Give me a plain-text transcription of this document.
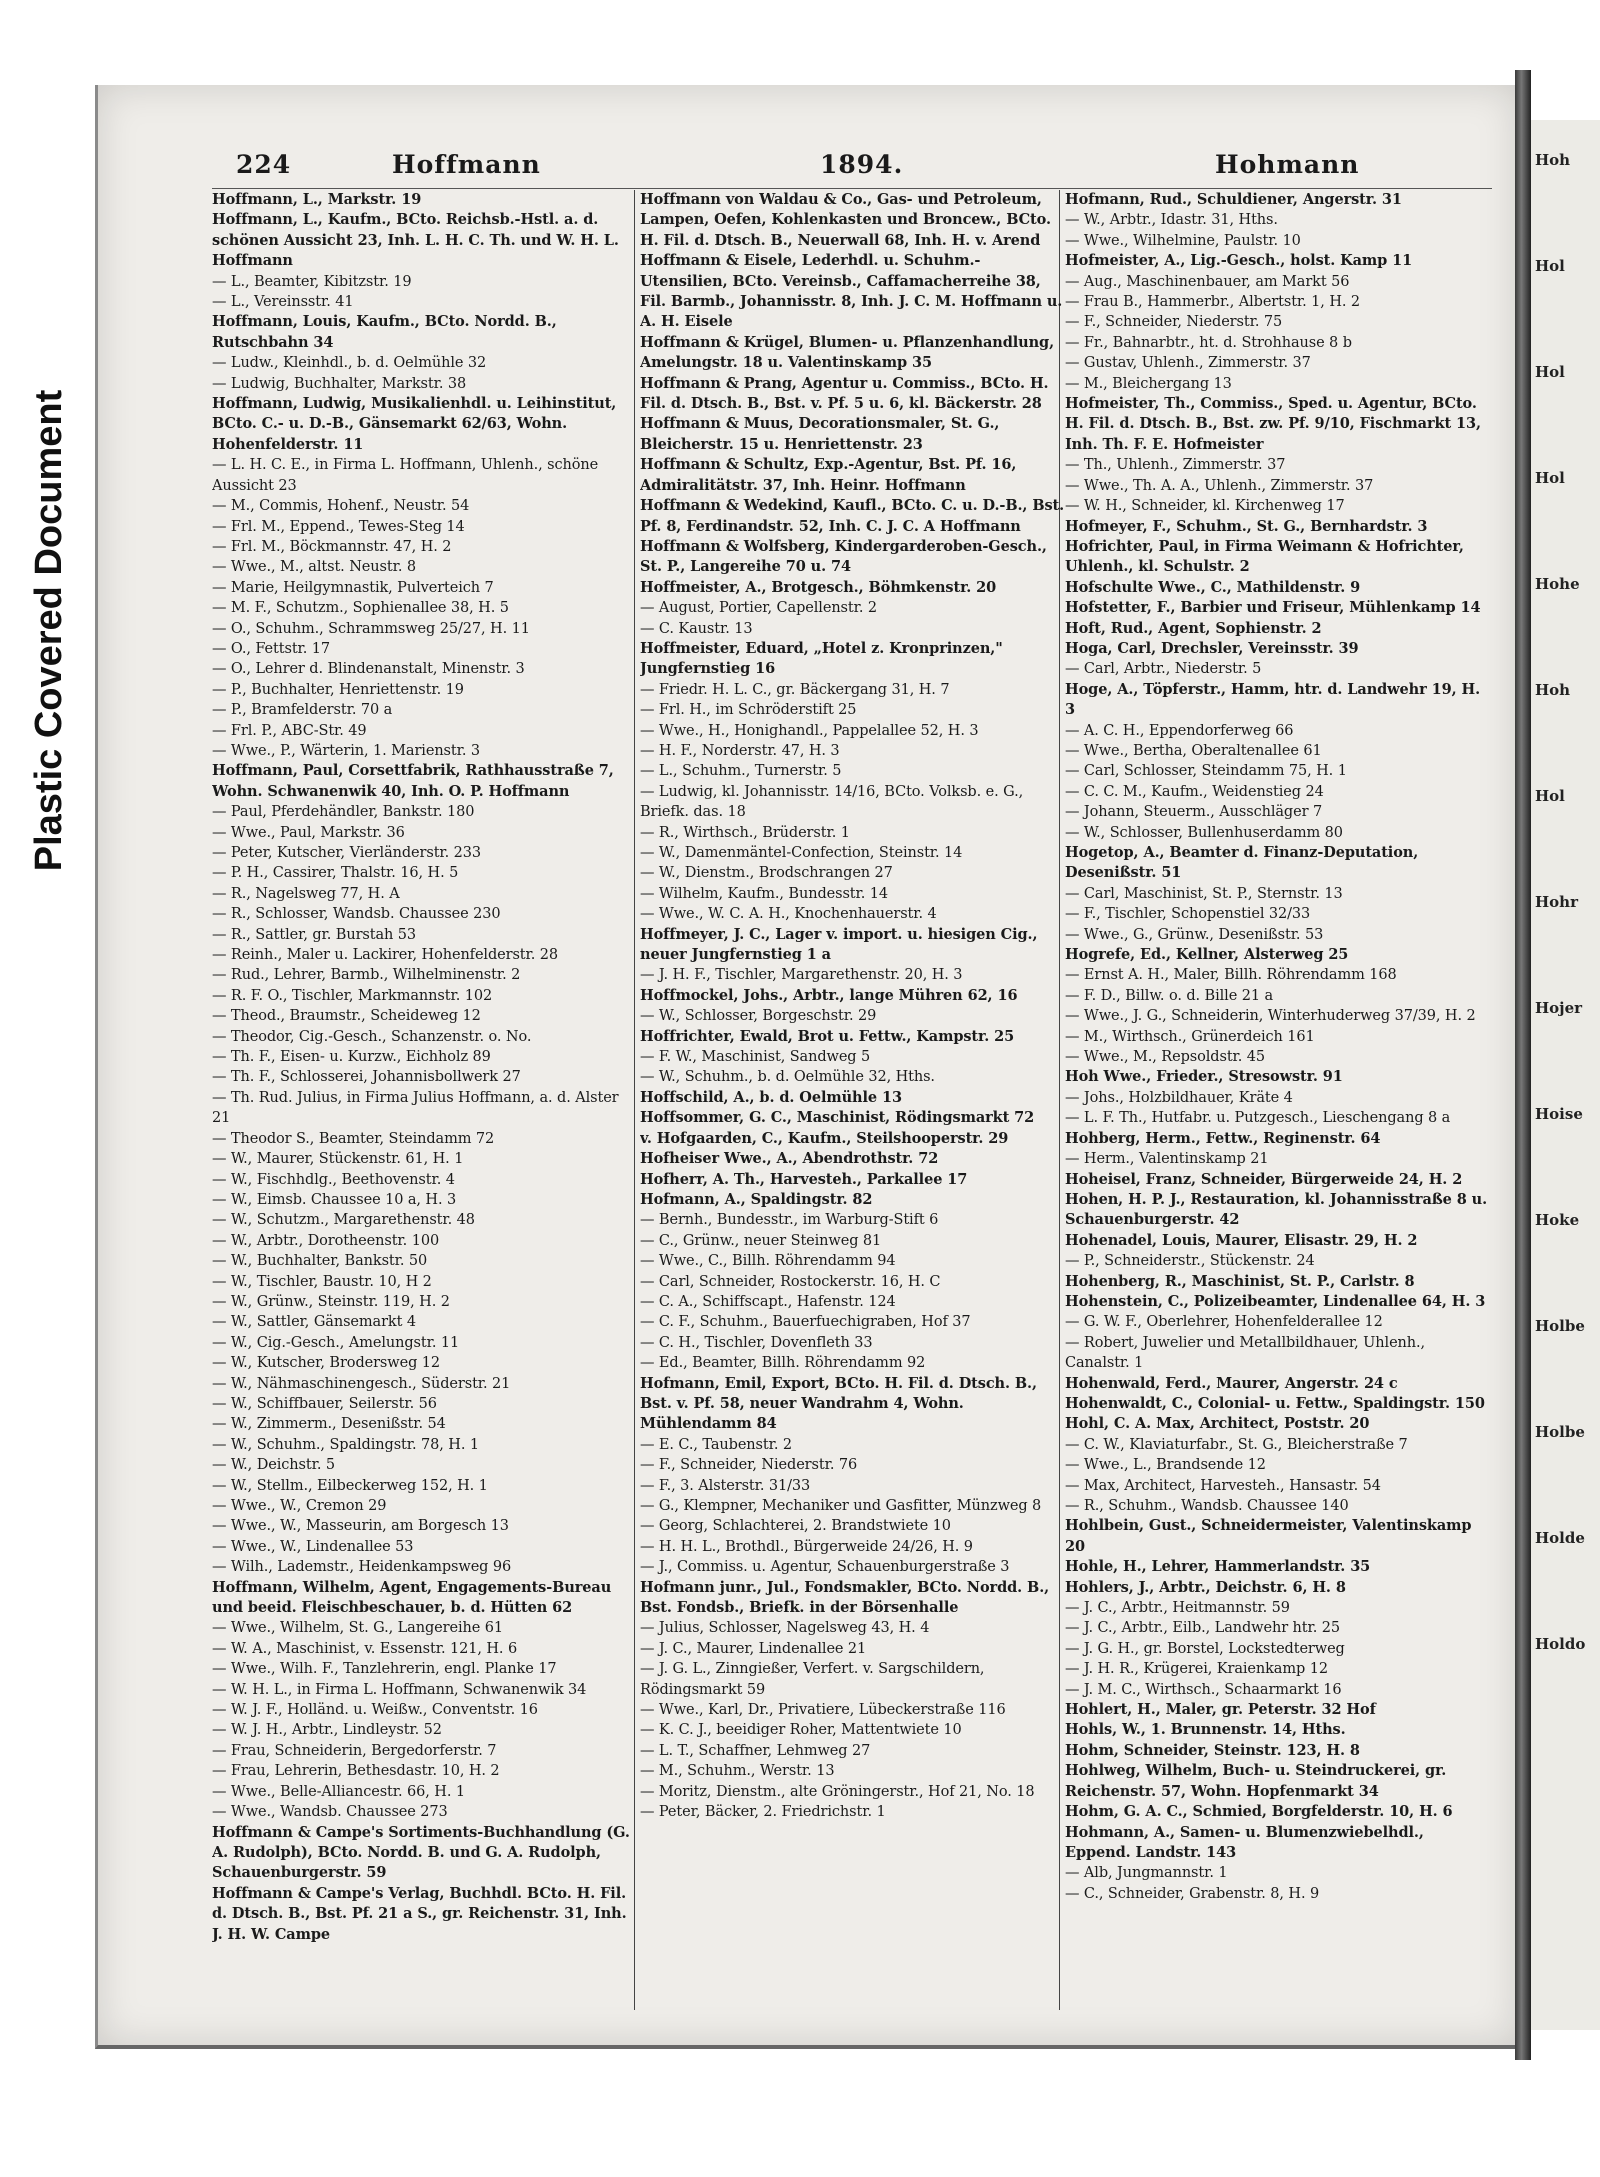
Plastic Covered Document
Hoh
Hol
Hol
Hol
Hohe
Hoh
Hol
Hohr
Hojer
Hoise
Hoke
Holbe
Holbe
Holde
Holdo
224	Hoffmann	1894.	Hohmann
Hoffmann, L., Markstr. 19
Hoffmann, L., Kaufm., BCto. Reichsb.-Hstl. a. d. schönen Aussicht 23, Inh. L. H. C. Th. und W. H. L. Hoffmann
— L., Beamter, Kibitzstr. 19
— L., Vereinsstr. 41
Hoffmann, Louis, Kaufm., BCto. Nordd. B., Rutschbahn 34
— Ludw., Kleinhdl., b. d. Oelmühle 32
— Ludwig, Buchhalter, Markstr. 38
Hoffmann, Ludwig, Musikalienhdl. u. Leihinstitut, BCto. C.- u. D.-B., Gänsemarkt 62/63, Wohn. Hohenfelderstr. 11
— L. H. C. E., in Firma L. Hoffmann, Uhlenh., schöne Aussicht 23
— M., Commis, Hohenf., Neustr. 54
— Frl. M., Eppend., Tewes-Steg 14
— Frl. M., Böckmannstr. 47, H. 2
— Wwe., M., altst. Neustr. 8
— Marie, Heilgymnastik, Pulverteich 7
— M. F., Schutzm., Sophienallee 38, H. 5
— O., Schuhm., Schrammsweg 25/27, H. 11
— O., Fettstr. 17
— O., Lehrer d. Blindenanstalt, Minenstr. 3
— P., Buchhalter, Henriettenstr. 19
— P., Bramfelderstr. 70 a
— Frl. P., ABC-Str. 49
— Wwe., P., Wärterin, 1. Marienstr. 3
Hoffmann, Paul, Corsettfabrik, Rathhausstraße 7, Wohn. Schwanenwik 40, Inh. O. P. Hoffmann
— Paul, Pferdehändler, Bankstr. 180
— Wwe., Paul, Markstr. 36
— Peter, Kutscher, Vierländerstr. 233
— P. H., Cassirer, Thalstr. 16, H. 5
— R., Nagelsweg 77, H. A
— R., Schlosser, Wandsb. Chaussee 230
— R., Sattler, gr. Burstah 53
— Reinh., Maler u. Lackirer, Hohenfelderstr. 28
— Rud., Lehrer, Barmb., Wilhelminenstr. 2
— R. F. O., Tischler, Markmannstr. 102
— Theod., Braumstr., Scheideweg 12
— Theodor, Cig.-Gesch., Schanzenstr. o. No.
— Th. F., Eisen- u. Kurzw., Eichholz 89
— Th. F., Schlosserei, Johannisbollwerk 27
— Th. Rud. Julius, in Firma Julius Hoffmann, a. d. Alster 21
— Theodor S., Beamter, Steindamm 72
— W., Maurer, Stückenstr. 61, H. 1
— W., Fischhdlg., Beethovenstr. 4
— W., Eimsb. Chaussee 10 a, H. 3
— W., Schutzm., Margarethenstr. 48
— W., Arbtr., Dorotheenstr. 100
— W., Buchhalter, Bankstr. 50
— W., Tischler, Baustr. 10, H 2
— W., Grünw., Steinstr. 119, H. 2
— W., Sattler, Gänsemarkt 4
— W., Cig.-Gesch., Amelungstr. 11
— W., Kutscher, Brodersweg 12
— W., Nähmaschinengesch., Süderstr. 21
— W., Schiffbauer, Seilerstr. 56
— W., Zimmerm., Desenißstr. 54
— W., Schuhm., Spaldingstr. 78, H. 1
— W., Deichstr. 5
— W., Stellm., Eilbeckerweg 152, H. 1
— Wwe., W., Cremon 29
— Wwe., W., Masseurin, am Borgesch 13
— Wwe., W., Lindenallee 53
— Wilh., Lademstr., Heidenkampsweg 96
Hoffmann, Wilhelm, Agent, Engagements-Bureau und beeid. Fleischbeschauer, b. d. Hütten 62
— Wwe., Wilhelm, St. G., Langereihe 61
— W. A., Maschinist, v. Essenstr. 121, H. 6
— Wwe., Wilh. F., Tanzlehrerin, engl. Planke 17
— W. H. L., in Firma L. Hoffmann, Schwanenwik 34
— W. J. F., Holländ. u. Weißw., Conventstr. 16
— W. J. H., Arbtr., Lindleystr. 52
— Frau, Schneiderin, Bergedorferstr. 7
— Frau, Lehrerin, Bethesdastr. 10, H. 2
— Wwe., Belle-Alliancestr. 66, H. 1
— Wwe., Wandsb. Chaussee 273
Hoffmann & Campe's Sortiments-Buchhandlung (G. A. Rudolph), BCto. Nordd. B. und G. A. Rudolph, Schauenburgerstr. 59
Hoffmann & Campe's Verlag, Buchhdl. BCto. H. Fil. d. Dtsch. B., Bst. Pf. 21 a S., gr. Reichenstr. 31, Inh. J. H. W. Campe
Hoffmann von Waldau & Co., Gas- und Petroleum, Lampen, Oefen, Kohlenkasten und Broncew., BCto. H. Fil. d. Dtsch. B., Neuerwall 68, Inh. H. v. Arend
Hoffmann & Eisele, Lederhdl. u. Schuhm.-Utensilien, BCto. Vereinsb., Caffamacherreihe 38, Fil. Barmb., Johannisstr. 8, Inh. J. C. M. Hoffmann u. A. H. Eisele
Hoffmann & Krügel, Blumen- u. Pflanzenhandlung, Amelungstr. 18 u. Valentinskamp 35
Hoffmann & Prang, Agentur u. Commiss., BCto. H. Fil. d. Dtsch. B., Bst. v. Pf. 5 u. 6, kl. Bäckerstr. 28
Hoffmann & Muus, Decorationsmaler, St. G., Bleicherstr. 15 u. Henriettenstr. 23
Hoffmann & Schultz, Exp.-Agentur, Bst. Pf. 16, Admiralitätstr. 37, Inh. Heinr. Hoffmann
Hoffmann & Wedekind, Kaufl., BCto. C. u. D.-B., Bst. Pf. 8, Ferdinandstr. 52, Inh. C. J. C. A Hoffmann
Hoffmann & Wolfsberg, Kindergarderoben-Gesch., St. P., Langereihe 70 u. 74
Hoffmeister, A., Brotgesch., Böhmkenstr. 20
— August, Portier, Capellenstr. 2
— C. Kaustr. 13
Hoffmeister, Eduard, „Hotel z. Kronprinzen," Jungfernstieg 16
— Friedr. H. L. C., gr. Bäckergang 31, H. 7
— Frl. H., im Schröderstift 25
— Wwe., H., Honighandl., Pappelallee 52, H. 3
— H. F., Norderstr. 47, H. 3
— L., Schuhm., Turnerstr. 5
— Ludwig, kl. Johannisstr. 14/16, BCto. Volksb. e. G., Briefk. das. 18
— R., Wirthsch., Brüderstr. 1
— W., Damenmäntel-Confection, Steinstr. 14
— W., Dienstm., Brodschrangen 27
— Wilhelm, Kaufm., Bundesstr. 14
— Wwe., W. C. A. H., Knochenhauerstr. 4
Hoffmeyer, J. C., Lager v. import. u. hiesigen Cig., neuer Jungfernstieg 1 a
— J. H. F., Tischler, Margarethenstr. 20, H. 3
Hoffmockel, Johs., Arbtr., lange Mühren 62, 16
— W., Schlosser, Borgeschstr. 29
Hoffrichter, Ewald, Brot u. Fettw., Kampstr. 25
— F. W., Maschinist, Sandweg 5
— W., Schuhm., b. d. Oelmühle 32, Hths.
Hoffschild, A., b. d. Oelmühle 13
Hoffsommer, G. C., Maschinist, Rödingsmarkt 72
v. Hofgaarden, C., Kaufm., Steilshooperstr. 29
Hofheiser Wwe., A., Abendrothstr. 72
Hofherr, A. Th., Harvesteh., Parkallee 17
Hofmann, A., Spaldingstr. 82
— Bernh., Bundesstr., im Warburg-Stift 6
— C., Grünw., neuer Steinweg 81
— Wwe., C., Billh. Röhrendamm 94
— Carl, Schneider, Rostockerstr. 16, H. C
— C. A., Schiffscapt., Hafenstr. 124
— C. F., Schuhm., Bauerfuechigraben, Hof 37
— C. H., Tischler, Dovenfleth 33
— Ed., Beamter, Billh. Röhrendamm 92
Hofmann, Emil, Export, BCto. H. Fil. d. Dtsch. B., Bst. v. Pf. 58, neuer Wandrahm 4, Wohn. Mühlendamm 84
— E. C., Taubenstr. 2
— F., Schneider, Niederstr. 76
— F., 3. Alsterstr. 31/33
— G., Klempner, Mechaniker und Gasfitter, Münzweg 8
— Georg, Schlachterei, 2. Brandstwiete 10
— H. H. L., Brothdl., Bürgerweide 24/26, H. 9
— J., Commiss. u. Agentur, Schauenburgerstraße 3
Hofmann junr., Jul., Fondsmakler, BCto. Nordd. B., Bst. Fondsb., Briefk. in der Börsenhalle
— Julius, Schlosser, Nagelsweg 43, H. 4
— J. C., Maurer, Lindenallee 21
— J. G. L., Zinngießer, Verfert. v. Sargschildern, Rödingsmarkt 59
— Wwe., Karl, Dr., Privatiere, Lübeckerstraße 116
— K. C. J., beeidiger Roher, Mattentwiete 10
— L. T., Schaffner, Lehmweg 27
— M., Schuhm., Werstr. 13
— Moritz, Dienstm., alte Gröningerstr., Hof 21, No. 18
— Peter, Bäcker, 2. Friedrichstr. 1
Hofmann, Rud., Schuldiener, Angerstr. 31
— W., Arbtr., Idastr. 31, Hths.
— Wwe., Wilhelmine, Paulstr. 10
Hofmeister, A., Lig.-Gesch., holst. Kamp 11
— Aug., Maschinenbauer, am Markt 56
— Frau B., Hammerbr., Albertstr. 1, H. 2
— F., Schneider, Niederstr. 75
— Fr., Bahnarbtr., ht. d. Strohhause 8 b
— Gustav, Uhlenh., Zimmerstr. 37
— M., Bleichergang 13
Hofmeister, Th., Commiss., Sped. u. Agentur, BCto. H. Fil. d. Dtsch. B., Bst. zw. Pf. 9/10, Fischmarkt 13, Inh. Th. F. E. Hofmeister
— Th., Uhlenh., Zimmerstr. 37
— Wwe., Th. A. A., Uhlenh., Zimmerstr. 37
— W. H., Schneider, kl. Kirchenweg 17
Hofmeyer, F., Schuhm., St. G., Bernhardstr. 3
Hofrichter, Paul, in Firma Weimann & Hofrichter, Uhlenh., kl. Schulstr. 2
Hofschulte Wwe., C., Mathildenstr. 9
Hofstetter, F., Barbier und Friseur, Mühlenkamp 14
Hoft, Rud., Agent, Sophienstr. 2
Hoga, Carl, Drechsler, Vereinsstr. 39
— Carl, Arbtr., Niederstr. 5
Hoge, A., Töpferstr., Hamm, htr. d. Landwehr 19, H. 3
— A. C. H., Eppendorferweg 66
— Wwe., Bertha, Oberaltenallee 61
— Carl, Schlosser, Steindamm 75, H. 1
— C. C. M., Kaufm., Weidenstieg 24
— Johann, Steuerm., Ausschläger 7
— W., Schlosser, Bullenhuserdamm 80
Hogetop, A., Beamter d. Finanz-Deputation, Desenißstr. 51
— Carl, Maschinist, St. P., Sternstr. 13
— F., Tischler, Schopenstiel 32/33
— Wwe., G., Grünw., Desenißstr. 53
Hogrefe, Ed., Kellner, Alsterweg 25
— Ernst A. H., Maler, Billh. Röhrendamm 168
— F. D., Billw. o. d. Bille 21 a
— Wwe., J. G., Schneiderin, Winterhuderweg 37/39, H. 2
— M., Wirthsch., Grünerdeich 161
— Wwe., M., Repsoldstr. 45
Hoh Wwe., Frieder., Stresowstr. 91
— Johs., Holzbildhauer, Kräte 4
— L. F. Th., Hutfabr. u. Putzgesch., Lieschengang 8 a
Hohberg, Herm., Fettw., Reginenstr. 64
— Herm., Valentinskamp 21
Hoheisel, Franz, Schneider, Bürgerweide 24, H. 2
Hohen, H. P. J., Restauration, kl. Johannisstraße 8 u. Schauenburgerstr. 42
Hohenadel, Louis, Maurer, Elisastr. 29, H. 2
— P., Schneiderstr., Stückenstr. 24
Hohenberg, R., Maschinist, St. P., Carlstr. 8
Hohenstein, C., Polizeibeamter, Lindenallee 64, H. 3
— G. W. F., Oberlehrer, Hohenfelderallee 12
— Robert, Juwelier und Metallbildhauer, Uhlenh., Canalstr. 1
Hohenwald, Ferd., Maurer, Angerstr. 24 c
Hohenwaldt, C., Colonial- u. Fettw., Spaldingstr. 150
Hohl, C. A. Max, Architect, Poststr. 20
— C. W., Klaviaturfabr., St. G., Bleicherstraße 7
— Wwe., L., Brandsende 12
— Max, Architect, Harvesteh., Hansastr. 54
— R., Schuhm., Wandsb. Chaussee 140
Hohlbein, Gust., Schneidermeister, Valentinskamp 20
Hohle, H., Lehrer, Hammerlandstr. 35
Hohlers, J., Arbtr., Deichstr. 6, H. 8
— J. C., Arbtr., Heitmannstr. 59
— J. C., Arbtr., Eilb., Landwehr htr. 25
— J. G. H., gr. Borstel, Lockstedterweg
— J. H. R., Krügerei, Kraienkamp 12
— J. M. C., Wirthsch., Schaarmarkt 16
Hohlert, H., Maler, gr. Peterstr. 32 Hof
Hohls, W., 1. Brunnenstr. 14, Hths.
Hohm, Schneider, Steinstr. 123, H. 8
Hohlweg, Wilhelm, Buch- u. Steindruckerei, gr. Reichenstr. 57, Wohn. Hopfenmarkt 34
Hohm, G. A. C., Schmied, Borgfelderstr. 10, H. 6
Hohmann, A., Samen- u. Blumenzwiebelhdl., Eppend. Landstr. 143
— Alb, Jungmannstr. 1
— C., Schneider, Grabenstr. 8, H. 9
